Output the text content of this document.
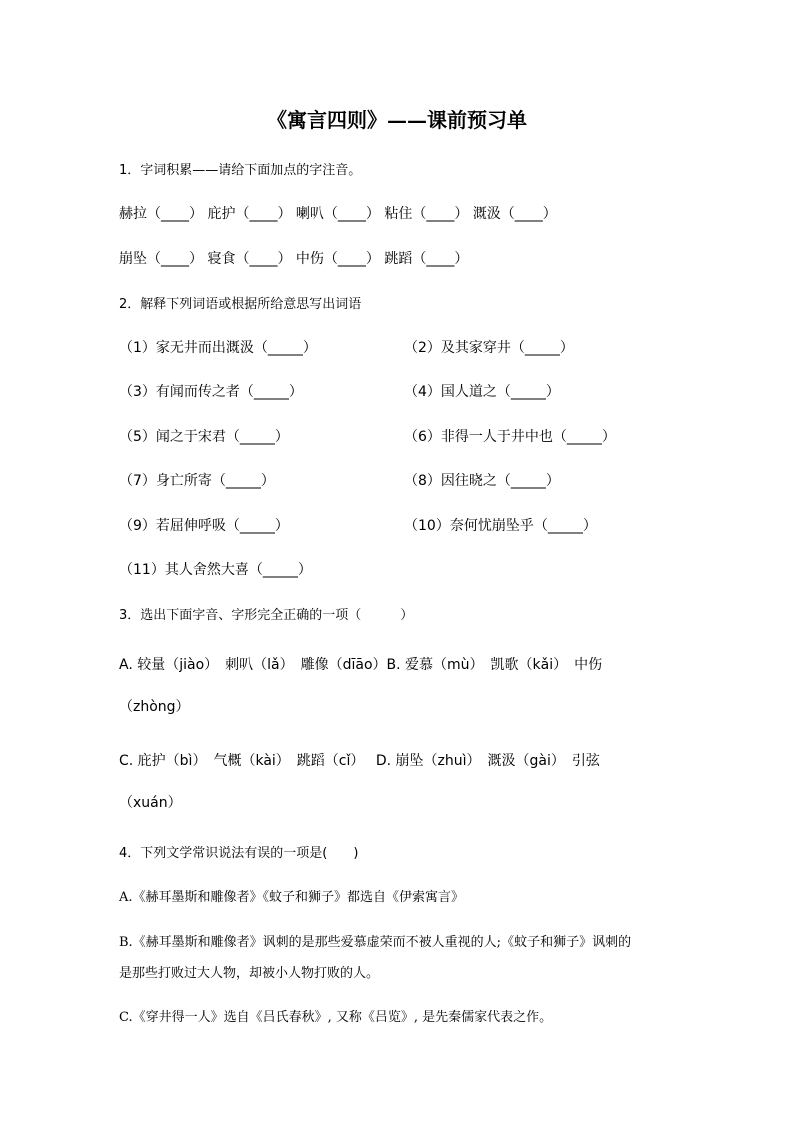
《寓言四则》——课前预习单
1．字词积累——请给下面加点的字注音。
赫拉（____） 庇护（____） 喇叭（____） 粘住（____） 溉汲（____）
崩坠（____） 寝食（____） 中伤（____） 跳蹈（____）
2．解释下列词语或根据所给意思写出词语
（1）家无井而出溉汲（_____）	（2）及其家穿井（_____）
（3）有闻而传之者（_____）	（4）国人道之（_____）
（5）闻之于宋君（_____）	（6）非得一人于井中也（_____）
（7）身亡所寄（_____）	（8）因往晓之（_____）
（9）若屈伸呼吸（_____）	（10）奈何忧崩坠乎（_____）
（11）其人舍然大喜（_____）
3．选出下面字音、字形完全正确的一项（　　　）
A. 较量（jiào）　刺叭（lǎ）　雕像（dīāo）B. 爱慕（mù）　凯歌（kǎi）　中伤
（zhòng）
C. 庇护（bì）　气概（kài）　跳蹈（cǐ）　 D. 崩坠（zhuì）　溉汲（gài）　引弦
（xuán）
4．下列文学常识说法有误的一项是(　　)
A.《赫耳墨斯和雕像者》《蚊子和狮子》都选自《伊索寓言》
B.《赫耳墨斯和雕像者》讽刺的是那些爱慕虚荣而不被人重视的人;《蚊子和狮子》讽刺的
是那些打败过大人物，却被小人物打败的人。
C.《穿井得一人》选自《吕氏春秋》, 又称《吕览》, 是先秦儒家代表之作。
